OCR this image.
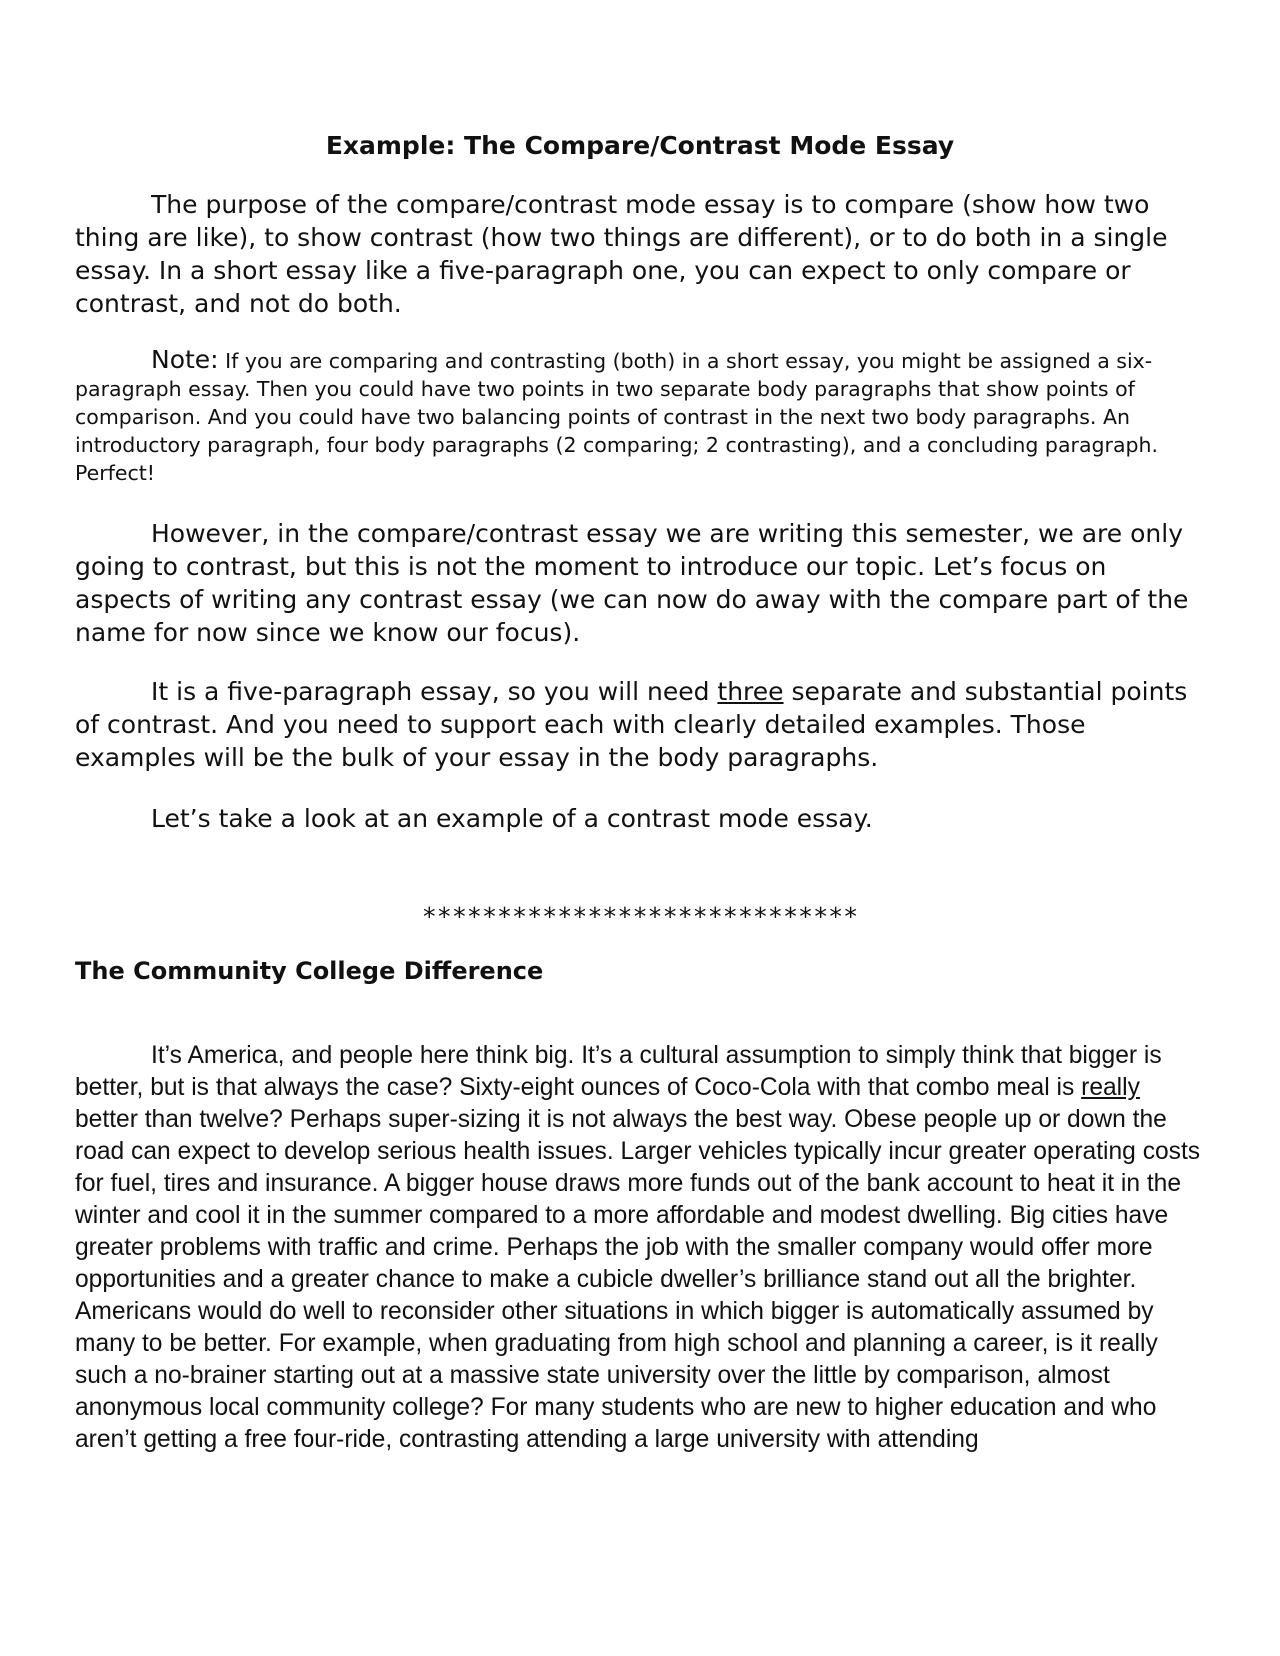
Example: The Compare/Contrast Mode Essay

The purpose of the compare/contrast mode essay is to compare (show how two thing are like), to show contrast (how two things are different), or to do both in a single essay. In a short essay like a five-paragraph one, you can expect to only compare or contrast, and not do both.

Note: If you are comparing and contrasting (both) in a short essay, you might be assigned a six-paragraph essay. Then you could have two points in two separate body paragraphs that show points of comparison. And you could have two balancing points of contrast in the next two body paragraphs. An introductory paragraph, four body paragraphs (2 comparing; 2 contrasting), and a concluding paragraph. Perfect!

However, in the compare/contrast essay we are writing this semester, we are only going to contrast, but this is not the moment to introduce our topic. Let’s focus on aspects of writing any contrast essay (we can now do away with the compare part of the name for now since we know our focus).

It is a five-paragraph essay, so you will need three separate and substantial points of contrast. And you need to support each with clearly detailed examples. Those examples will be the bulk of your essay in the body paragraphs.

Let’s take a look at an example of a contrast mode essay.

*****************************
The Community College Difference

It’s America, and people here think big. It’s a cultural assumption to simply think that bigger is better, but is that always the case? Sixty-eight ounces of Coco-Cola with that combo meal is really better than twelve? Perhaps super-sizing it is not always the best way. Obese people up or down the road can expect to develop serious health issues. Larger vehicles typically incur greater operating costs for fuel, tires and insurance. A bigger house draws more funds out of the bank account to heat it in the winter and cool it in the summer compared to a more affordable and modest dwelling. Big cities have greater problems with traffic and crime. Perhaps the job with the smaller company would offer more opportunities and a greater chance to make a cubicle dweller’s brilliance stand out all the brighter. Americans would do well to reconsider other situations in which bigger is automatically assumed by many to be better. For example, when graduating from high school and planning a career, is it really such a no-brainer starting out at a massive state university over the little by comparison, almost anonymous local community college? For many students who are new to higher education and who aren’t getting a free four-ride, contrasting attending a large university with attending
